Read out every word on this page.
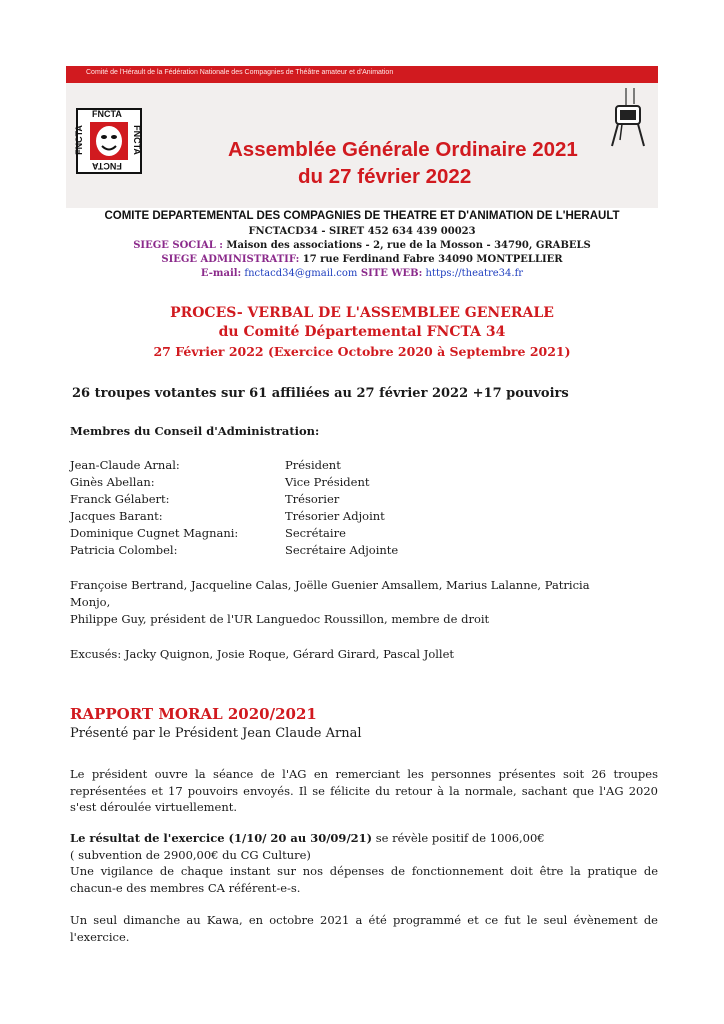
Comité de l'Hérault de la Fédération Nationale des Compagnies de Théâtre amateur et d'Animation
FNCTA
FNCTA
FNCTA	FNCTA	Assemblée Générale Ordinaire 2021
du 27 février 2022
COMITE DEPARTEMENTAL DES COMPAGNIES DE THEATRE ET D'ANIMATION DE L'HERAULT
FNCTACD34 - SIRET 452 634 439 00023
SIEGE SOCIAL : Maison des associations - 2, rue de la Mosson - 34790, GRABELS
SIEGE ADMINISTRATIF: 17 rue Ferdinand Fabre 34090 MONTPELLIER
E-mail: fnctacd34@gmail.com SITE WEB: https://theatre34.fr
PROCES- VERBAL DE L'ASSEMBLEE GENERALE
du Comité Départemental FNCTA 34
27 Février 2022 (Exercice Octobre 2020 à Septembre 2021)
26 troupes votantes sur 61 affiliées au 27 février 2022 +17 pouvoirs
Membres du Conseil d'Administration:
Jean-Claude Arnal:	Président
Ginès Abellan:	Vice Président
Franck Gélabert:	Trésorier
Jacques Barant:	Trésorier Adjoint
Dominique Cugnet Magnani:	Secrétaire
Patricia Colombel:	Secrétaire Adjointe
Françoise Bertrand, Jacqueline Calas, Joëlle Guenier Amsallem, Marius Lalanne, Patricia
Monjo,
Philippe Guy, président de l'UR Languedoc Roussillon, membre de droit
Excusés: Jacky Quignon, Josie Roque, Gérard Girard, Pascal Jollet
RAPPORT MORAL 2020/2021
Présenté par le Président Jean Claude Arnal
Le président ouvre la séance de l'AG en remerciant les personnes présentes soit 26 troupes représentées et 17 pouvoirs envoyés. Il se félicite du retour à la normale, sachant que l'AG 2020 s'est déroulée virtuellement.
Le résultat de l'exercice (1/10/ 20 au 30/09/21) se révèle positif de 1006,00€
( subvention de 2900,00€ du CG Culture)
Une vigilance de chaque instant sur nos dépenses de fonctionnement doit être la pratique de chacun-e des membres CA référent-e-s.
Un seul dimanche au Kawa, en octobre 2021 a été programmé et ce fut le seul évènement de l'exercice.
